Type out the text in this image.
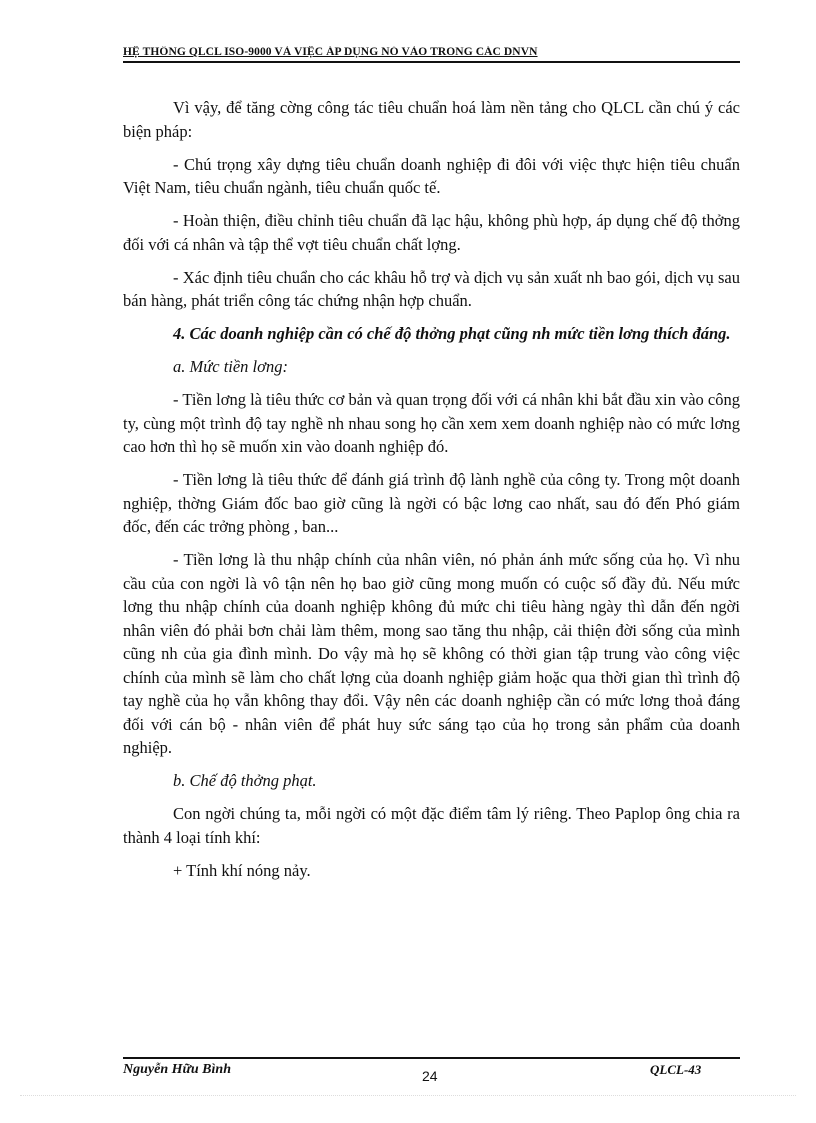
HỆ THỐNG QLCL ISO-9000 VÀ VIỆC ÁP DỤNG NÓ VÀO TRONG CÁC DNVN

Vì vậy, để tăng cờng công tác tiêu chuẩn hoá làm nền tảng cho QLCL cần chú ý các biện pháp:

- Chú trọng xây dựng tiêu chuẩn doanh nghiệp đi đôi với việc thực hiện tiêu chuẩn Việt Nam, tiêu chuẩn ngành, tiêu chuẩn quốc tế.

- Hoàn thiện, điều chỉnh tiêu chuẩn đã lạc hậu, không phù hợp, áp dụng chế độ thởng đối với cá nhân và tập thể vợt tiêu chuẩn chất lợng.

- Xác định tiêu chuẩn cho các khâu hỗ trợ và dịch vụ sản xuất nh bao gói, dịch vụ sau bán hàng, phát triển công tác chứng nhận hợp chuẩn.

4. Các doanh nghiệp cần có chế độ thởng phạt cũng nh mức tiền lơng thích đáng.

a. Mức tiền lơng:

- Tiền lơng là tiêu thức cơ bản và quan trọng đối với cá nhân khi bắt đầu xin vào công ty, cùng một trình độ tay nghề nh nhau song họ cần xem xem doanh nghiệp nào có mức lơng cao hơn thì họ sẽ muốn xin vào doanh nghiệp đó.

- Tiền lơng là tiêu thức để đánh giá trình độ lành nghề của công ty. Trong một doanh nghiệp, thờng Giám đốc bao giờ cũng là ngời có bậc lơng cao nhất, sau đó đến Phó giám đốc, đến các trởng phòng , ban...

- Tiền lơng là thu nhập chính của nhân viên, nó phản ánh mức sống của họ. Vì nhu cầu của con ngời là vô tận nên họ bao giờ cũng mong muốn có cuộc số đầy đủ. Nếu mức lơng thu nhập chính của doanh nghiệp không đủ mức chi tiêu hàng ngày thì dẫn đến ngời nhân viên đó phải bơn chải làm thêm, mong sao tăng thu nhập, cải thiện đời sống của mình cũng nh của gia đình mình. Do vậy mà họ sẽ không có thời gian tập trung vào công việc chính của mình sẽ làm cho chất lợng của doanh nghiệp giảm hoặc qua thời gian thì trình độ tay nghề của họ vẫn không thay đổi. Vậy nên các doanh nghiệp cần có mức lơng thoả đáng đối với cán bộ - nhân viên để phát huy sức sáng tạo của họ trong sản phẩm của doanh nghiệp.

b. Chế độ thởng phạt.

Con ngời chúng ta, mỗi ngời có một đặc điểm tâm lý riêng. Theo Paplop ông chia ra thành 4 loại tính khí:

+ Tính khí nóng nảy.

Nguyễn Hữu Bình	24	QLCL-43
